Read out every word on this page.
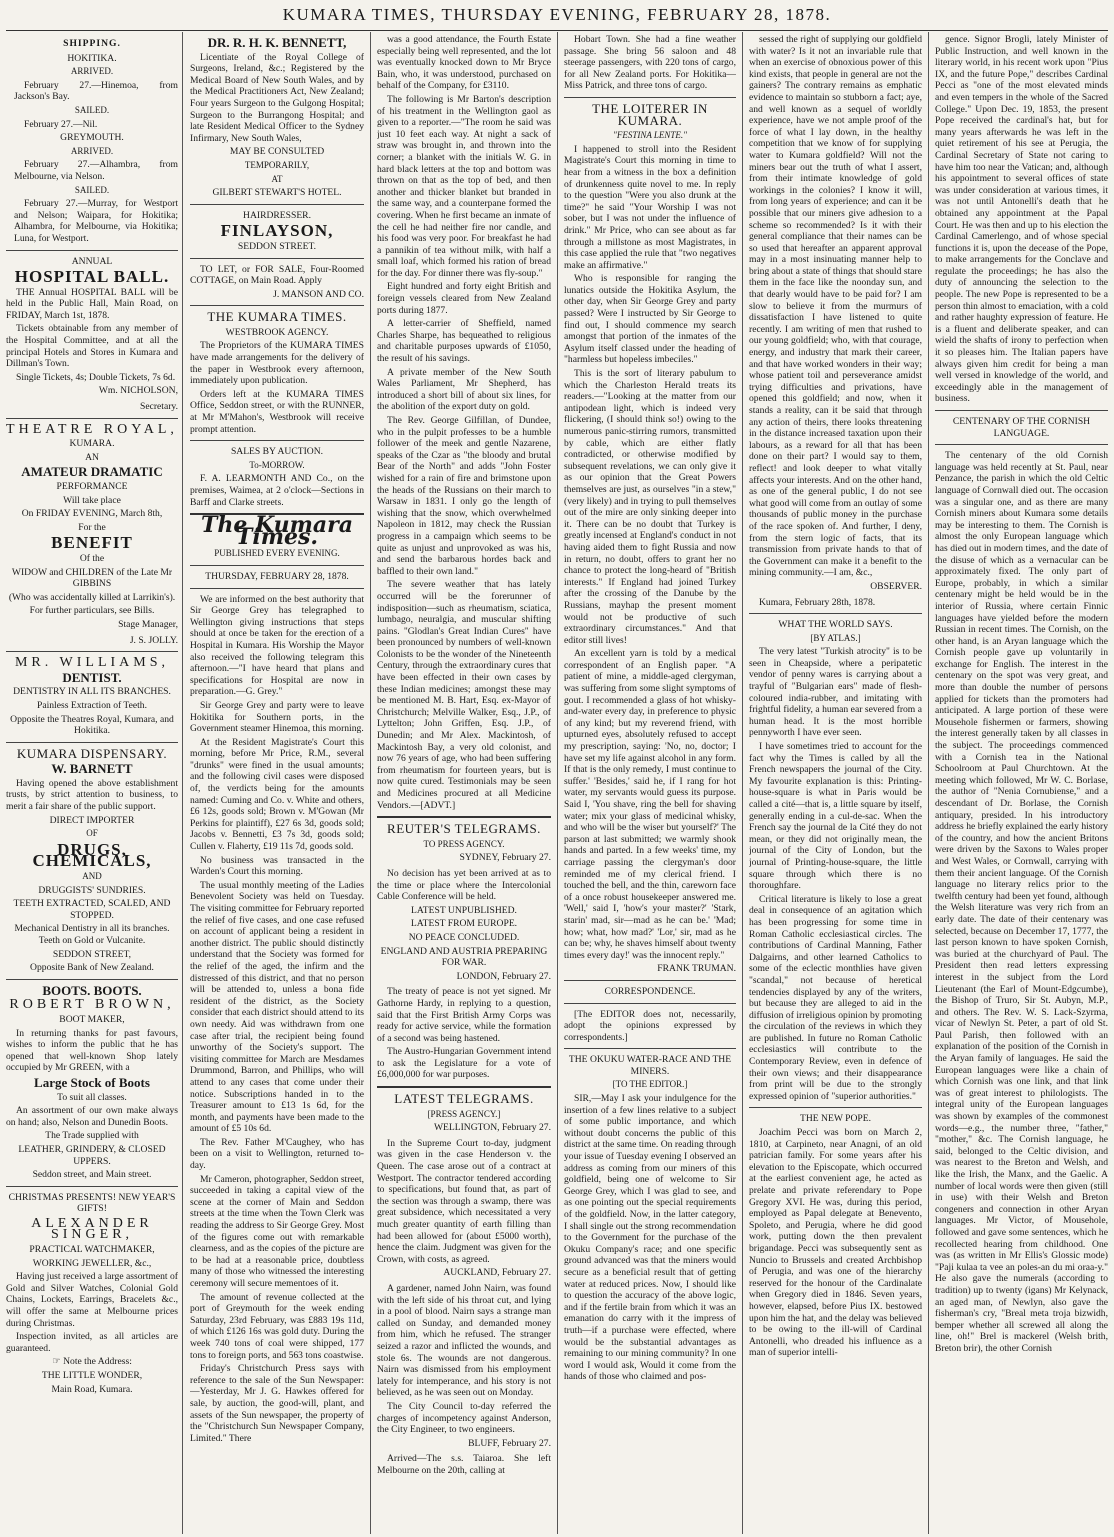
KUMARA TIMES, THURSDAY EVENING, FEBRUARY 28, 1878.
SHIPPING.
HOKITIKA.
ARRIVED.

February 27.—Hinemoa, from Jackson's Bay.

SAILED.

February 27.—Nil.

GREYMOUTH.
ARRIVED.

February 27.—Alhambra, from Melbourne, via Nelson.

SAILED.

February 27.—Murray, for Westport and Nelson; Waipara, for Hokitika; Alhambra, for Melbourne, via Hokitika; Luna, for Westport.

ANNUAL
HOSPITAL BALL.

THE Annual HOSPITAL BALL will be held in the Public Hall, Main Road, on FRIDAY, March 1st, 1878.

Tickets obtainable from any member of the Hospital Committee, and at all the principal Hotels and Stores in Kumara and Dillman's Town.

Single Tickets, 4s; Double Tickets, 7s 6d.

Wm. NICHOLSON,
Secretary.
THEATRE ROYAL,
KUMARA.
AN
AMATEUR DRAMATIC
PERFORMANCE
Will take place
On FRIDAY EVENING, March 8th,
For the
BENEFIT
Of the
WIDOW and CHILDREN of the Late Mr GIBBINS
(Who was accidentally killed at Larrikin's).
For further particulars, see Bills.
Stage Manager,
J. S. JOLLY.
MR. WILLIAMS,
DENTIST.
DENTISTRY IN ALL ITS BRANCHES.
Painless Extraction of Teeth.
Opposite the Theatres Royal, Kumara, and Hokitika.
KUMARA DISPENSARY.
W. BARNETT

Having opened the above establishment trusts, by strict attention to business, to merit a fair share of the public support.

DIRECT IMPORTER
OF
DRUGS, CHEMICALS,
AND
DRUGGISTS' SUNDRIES.
TEETH EXTRACTED, SCALED, AND STOPPED.
Mechanical Dentistry in all its branches. Teeth on Gold or Vulcanite.
SEDDON STREET,
Opposite Bank of New Zealand.
BOOTS. BOOTS.
ROBERT BROWN,
BOOT MAKER,

In returning thanks for past favours, wishes to inform the public that he has opened that well-known Shop lately occupied by Mr GREEN, with a

Large Stock of Boots
To suit all classes.

An assortment of our own make always on hand; also, Nelson and Dunedin Boots.

The Trade supplied with
LEATHER, GRINDERY, & CLOSED UPPERS.
Seddon street, and Main street.
CHRISTMAS PRESENTS! NEW YEAR'S GIFTS!
ALEXANDER SINGER,
PRACTICAL WATCHMAKER,
WORKING JEWELLER, &c.,

Having just received a large assortment of Gold and Silver Watches, Colonial Gold Chains, Lockets, Earrings, Bracelets &c., will offer the same at Melbourne prices during Christmas.

Inspection invited, as all articles are guaranteed.

☞ Note the Address:
THE LITTLE WONDER,
Main Road, Kumara.
DR. R. H. K. BENNETT,

Licentiate of the Royal College of Surgeons, Ireland, &c.; Registered by the Medical Board of New South Wales, and by the Medical Practitioners Act, New Zealand; Four years Surgeon to the Gulgong Hospital; Surgeon to the Burrangong Hospital; and late Resident Medical Officer to the Sydney Infirmary, New South Wales,

MAY BE CONSULTED
TEMPORARILY,
AT
GILBERT STEWART'S HOTEL.
HAIRDRESSER.
FINLAYSON,
SEDDON STREET.

TO LET, or FOR SALE, Four-Roomed COTTAGE, on Main Road. Apply

J. MANSON AND CO.
THE KUMARA TIMES.
WESTBROOK AGENCY.

The Proprietors of the KUMARA TIMES have made arrangements for the delivery of the paper in Westbrook every afternoon, immediately upon publication.

Orders left at the KUMARA TIMES Office, Seddon street, or with the RUNNER, at Mr M'Mahon's, Westbrook will receive prompt attention.

SALES BY AUCTION.
To-MORROW.

F. A. LEARMONTH AND Co., on the premises, Waimea, at 2 o'clock—Sections in Barff and Clarke streets.

The Kumara Times.
PUBLISHED EVERY EVENING.
THURSDAY, FEBRUARY 28, 1878.

We are informed on the best authority that Sir George Grey has telegraphed to Wellington giving instructions that steps should at once be taken for the erection of a Hospital in Kumara. His Worship the Mayor also received the following telegram this afternoon.—"I have heard that plans and specifications for Hospital are now in preparation.—G. Grey."

Sir George Grey and party were to leave Hokitika for Southern ports, in the Government steamer Hinemoa, this morning.

At the Resident Magistrate's Court this morning, before Mr Price, R.M., several "drunks" were fined in the usual amounts; and the following civil cases were disposed of, the verdicts being for the amounts named: Cuming and Co. v. White and others, £6 12s, goods sold; Brown v. M'Gowan (Mr Perkins for plaintiff), £27 6s 3d, goods sold; Jacobs v. Bennetti, £3 7s 3d, goods sold; Cullen v. Flaherty, £19 11s 7d, goods sold.

No business was transacted in the Warden's Court this morning.

The usual monthly meeting of the Ladies Benevolent Society was held on Tuesday. The visiting committee for February reported the relief of five cases, and one case refused on account of applicant being a resident in another district. The public should distinctly understand that the Society was formed for the relief of the aged, the infirm and the distressed of this district, and that no person will be attended to, unless a bona fide resident of the district, as the Society consider that each district should attend to its own needy. Aid was withdrawn from one case after trial, the recipient being found unworthy of the Society's support. The visiting committee for March are Mesdames Drummond, Barron, and Phillips, who will attend to any cases that come under their notice. Subscriptions handed in to the Treasurer amount to £13 1s 6d, for the month, and payments have been made to the amount of £5 10s 6d.

The Rev. Father M'Caughey, who has been on a visit to Wellington, returned to-day.

Mr Cameron, photographer, Seddon street, succeeded in taking a capital view of the scene at the corner of Main and Seddon streets at the time when the Town Clerk was reading the address to Sir George Grey. Most of the figures come out with remarkable clearness, and as the copies of the picture are to be had at a reasonable price, doubtless many of those who witnessed the interesting ceremony will secure mementoes of it.

The amount of revenue collected at the port of Greymouth for the week ending Saturday, 23rd February, was £883 19s 11d, of which £126 16s was gold duty. During the week 740 tons of coal were shipped, 177 tons to foreign ports, and 563 tons coastwise.

Friday's Christchurch Press says with reference to the sale of the Sun Newspaper:—Yesterday, Mr J. G. Hawkes offered for sale, by auction, the good-will, plant, and assets of the Sun newspaper, the property of the "Christchurch Sun Newspaper Company, Limited." There

was a good attendance, the Fourth Estate especially being well represented, and the lot was eventually knocked down to Mr Bryce Bain, who, it was understood, purchased on behalf of the Company, for £3110.

The following is Mr Barton's description of his treatment in the Wellington gaol as given to a reporter.—"The room he said was just 10 feet each way. At night a sack of straw was brought in, and thrown into the corner; a blanket with the initials W. G. in hard black letters at the top and bottom was thrown on that as the top of bed, and then another and thicker blanket but branded in the same way, and a counterpane formed the covering. When he first became an inmate of the cell he had neither fire nor candle, and his food was very poor. For breakfast he had a pannikin of tea without milk, with half a small loaf, which formed his ration of bread for the day. For dinner there was fly-soup."

Eight hundred and forty eight British and foreign vessels cleared from New Zealand ports during 1877.

A letter-carrier of Sheffield, named Charles Sharpe, has bequeathed to religious and charitable purposes upwards of £1050, the result of his savings.

A private member of the New South Wales Parliament, Mr Shepherd, has introduced a short bill of about six lines, for the abolition of the export duty on gold.

The Rev. George Gilfillan, of Dundee, who in the pulpit professes to be a humble follower of the meek and gentle Nazarene, speaks of the Czar as "the bloody and brutal Bear of the North" and adds "John Foster wished for a rain of fire and brimstone upon the heads of the Russians on their march to Warsaw in 1831. I only go the length of wishing that the snow, which overwhelmed Napoleon in 1812, may check the Russian progress in a campaign which seems to be quite as unjust and unprovoked as was his, and send the barbarous hordes back and baffled to their own land."

The severe weather that has lately occurred will be the forerunner of indisposition—such as rheumatism, sciatica, lumbago, neuralgia, and muscular shifting pains. "Glodlan's Great Indian Cures" have been pronounced by numbers of well-known Colonists to be the wonder of the Nineteenth Century, through the extraordinary cures that have been effected in their own cases by these Indian medicines; amongst these may be mentioned M. B. Hart, Esq. ex-Mayor of Christchurch; Melville Walker, Esq., J.P., of Lyttelton; John Griffen, Esq. J.P., of Dunedin; and Mr Alex. Mackintosh, of Mackintosh Bay, a very old colonist, and now 76 years of age, who had been suffering from rheumatism for fourteen years, but is now quite cured. Testimonials may be seen and Medicines procured at all Medicine Vendors.—[ADVT.]

REUTER'S TELEGRAMS.
TO PRESS AGENCY.
SYDNEY, February 27.

No decision has yet been arrived at as to the time or place where the Intercolonial Cable Conference will be held.

LATEST UNPUBLISHED.
LATEST FROM EUROPE.
NO PEACE CONCLUDED.
ENGLAND AND AUSTRIA PREPARING FOR WAR.
LONDON, February 27.

The treaty of peace is not yet signed. Mr Gathorne Hardy, in replying to a question, said that the First British Army Corps was ready for active service, while the formation of a second was being hastened.

The Austro-Hungarian Government intend to ask the Legislature for a vote of £6,000,000 for war purposes.

LATEST TELEGRAMS.
[PRESS AGENCY.]
WELLINGTON, February 27.

In the Supreme Court to-day, judgment was given in the case Henderson v. the Queen. The case arose out of a contract at Westport. The contractor tendered according to specifications, but found that, as part of the section was through a swamp, there was great subsidence, which necessitated a very much greater quantity of earth filling than had been allowed for (about £5000 worth), hence the claim. Judgment was given for the Crown, with costs, as agreed.

AUCKLAND, February 27.

A gardener, named John Nairn, was found with the left side of his throat cut, and lying in a pool of blood. Nairn says a strange man called on Sunday, and demanded money from him, which he refused. The stranger seized a razor and inflicted the wounds, and stole 6s. The wounds are not dangerous. Nairn was dismissed from his employment lately for intemperance, and his story is not believed, as he was seen out on Monday.

The City Council to-day referred the charges of incompetency against Anderson, the City Engineer, to two engineers.

BLUFF, February 27.

Arrived—The s.s. Taiaroa. She left Melbourne on the 20th, calling at

Hobart Town. She had a fine weather passage. She bring 56 saloon and 48 steerage passengers, with 220 tons of cargo, for all New Zealand ports. For Hokitika—Miss Patrick, and three tons of cargo.

THE LOITERER IN KUMARA.
"FESTINA LENTE."

I happened to stroll into the Resident Magistrate's Court this morning in time to hear from a witness in the box a definition of drunkenness quite novel to me. In reply to the question "Were you also drunk at the time?" he said "Your Worship I was not sober, but I was not under the influence of drink." Mr Price, who can see about as far through a millstone as most Magistrates, in this case applied the rule that "two negatives make an affirmative."

Who is responsible for ranging the lunatics outside the Hokitika Asylum, the other day, when Sir George Grey and party passed? Were I instructed by Sir George to find out, I should commence my search amongst that portion of the inmates of the Asylum itself classed under the heading of "harmless but hopeless imbeciles."

This is the sort of literary pabulum to which the Charleston Herald treats its readers.—"Looking at the matter from our antipodean light, which is indeed very flickering, (I should think so!) owing to the numerous panic-stirring rumors, transmitted by cable, which are either flatly contradicted, or otherwise modified by subsequent revelations, we can only give it as our opinion that the Great Powers themselves are just, as ourselves "in a stew," (very likely) and in trying to pull themselves out of the mire are only sinking deeper into it. There can be no doubt that Turkey is greatly incensed at England's conduct in not having aided them to fight Russia and now in return, no doubt, offers to grant her no chance to protect the long-heard of "British interests." If England had joined Turkey after the crossing of the Danube by the Russians, mayhap the present moment would not be productive of such extraordinary circumstances." And that editor still lives!

An excellent yarn is told by a medical correspondent of an English paper. "A patient of mine, a middle-aged clergyman, was suffering from some slight symptoms of gout. I recommended a glass of hot whisky-and-water every day, in preference to physic of any kind; but my reverend friend, with upturned eyes, absolutely refused to accept my prescription, saying: 'No, no, doctor; I have set my life against alcohol in any form. If that is the only remedy, I must continue to suffer.' 'Besides,' said he, if I rang for hot water, my servants would guess its purpose. Said I, 'You shave, ring the bell for shaving water; mix your glass of medicinal whisky, and who will be the wiser but yourself?' The parson at last submitted; we warmly shook hands and parted. In a few weeks' time, my carriage passing the clergyman's door reminded me of my clerical friend. I touched the bell, and the thin, careworn face of a once robust housekeeper answered me. 'Well,' said I, 'how's your master?' 'Stark, starin' mad, sir—mad as he can be.' 'Mad; how; what, how mad?' 'Lor,' sir, mad as he can be; why, he shaves himself about twenty times every day!' was the innocent reply."

FRANK TRUMAN.
CORRESPONDENCE.

[The EDITOR does not, necessarily, adopt the opinions expressed by correspondents.]

THE OKUKU WATER-RACE AND THE MINERS.
[TO THE EDITOR.]

SIR,—May I ask your indulgence for the insertion of a few lines relative to a subject of some public importance, and which without doubt concerns the public of this district at the same time. On reading through your issue of Tuesday evening I observed an address as coming from our miners of this goldfield, being one of welcome to Sir George Grey, which I was glad to see, and as one pointing out the special requirements of the goldfield. Now, in the latter category, I shall single out the strong recommendation to the Government for the purchase of the Okuku Company's race; and one specific ground advanced was that the miners would secure as a beneficial result that of getting water at reduced prices. Now, I should like to question the accuracy of the above logic, and if the fertile brain from which it was an emanation do carry with it the impress of truth—if a purchase were effected, where would be the substantial advantages as remaining to our mining community? In one word I would ask, Would it come from the hands of those who claimed and pos-

sessed the right of supplying our goldfield with water? Is it not an invariable rule that when an exercise of obnoxious power of this kind exists, that people in general are not the gainers? The contrary remains as emphatic evidence to maintain so stubborn a fact; aye, and well known as a sequel of worldly experience, have we not ample proof of the force of what I lay down, in the healthy competition that we know of for supplying water to Kumara goldfield? Will not the miners bear out the truth of what I assert, from their intimate knowledge of gold workings in the colonies? I know it will, from long years of experience; and can it be possible that our miners give adhesion to a scheme so recommended? Is it with their general compliance that their names can be so used that hereafter an apparent approval may in a most insinuating manner help to bring about a state of things that should stare them in the face like the noonday sun, and that dearly would have to be paid for? I am slow to believe it from the murmurs of dissatisfaction I have listened to quite recently. I am writing of men that rushed to our young goldfield; who, with that courage, energy, and industry that mark their career, and that have worked wonders in their way; whose patient toil and perseverance amidst trying difficulties and privations, have opened this goldfield; and now, when it stands a reality, can it be said that through any action of theirs, there looks threatening in the distance increased taxation upon their labours, as a reward for all that has been done on their part? I would say to them, reflect! and look deeper to what vitally affects your interests. And on the other hand, as one of the general public, I do not see what good will come from an outlay of some thousands of public money in the purchase of the race spoken of. And further, I deny, from the stern logic of facts, that its transmission from private hands to that of the Government can make it a benefit to the mining community.—I am, &c.,

OBSERVER.

Kumara, February 28th, 1878.

WHAT THE WORLD SAYS.
[BY ATLAS.]

The very latest "Turkish atrocity" is to be seen in Cheapside, where a peripatetic vendor of penny wares is carrying about a trayful of "Bulgarian ears" made of flesh-coloured india-rubber, and imitating with frightful fidelity, a human ear severed from a human head. It is the most horrible pennyworth I have ever seen.

I have sometimes tried to account for the fact why the Times is called by all the French newspapers the journal of the City. My favourite explanation is this: Printing-house-square is what in Paris would be called a cité—that is, a little square by itself, generally ending in a cul-de-sac. When the French say the journal de la Cité they do not mean, or they did not originally mean, the journal of the City of London, but the journal of Printing-house-square, the little square through which there is no thoroughfare.

Critical literature is likely to lose a great deal in consequence of an agitation which has been progressing for some time in Roman Catholic ecclesiastical circles. The contributions of Cardinal Manning, Father Dalgairns, and other learned Catholics to some of the eclectic monthlies have given "scandal," not because of heretical tendencies displayed by any of the writers, but because they are alleged to aid in the diffusion of irreligious opinion by promoting the circulation of the reviews in which they are published. In future no Roman Catholic ecclesiastics will contribute to the Contemporary Review, even in defence of their own views; and their disappearance from print will be due to the strongly expressed opinion of "superior authorities."

THE NEW POPE.

Joachim Pecci was born on March 2, 1810, at Carpineto, near Anagni, of an old patrician family. For some years after his elevation to the Episcopate, which occurred at the earliest convenient age, he acted as prelate and private referendary to Pope Gregory XVI. He was, during this period, employed as Papal delegate at Benevento, Spoleto, and Perugia, where he did good work, putting down the then prevalent brigandage. Pecci was subsequently sent as Nuncio to Brussels and created Archbishop of Perugia, and was one of the hierarchy reserved for the honour of the Cardinalate when Gregory died in 1846. Seven years, however, elapsed, before Pius IX. bestowed upon him the hat, and the delay was believed to be owing to the ill-will of Cardinal Antonelli, who dreaded his influence as a man of superior intelli-

gence. Signor Brogli, lately Minister of Public Instruction, and well known in the literary world, in his recent work upon "Pius IX, and the future Pope," describes Cardinal Pecci as "one of the most elevated minds and even tempers in the whole of the Sacred College." Upon Dec. 19, 1853, the present Pope received the cardinal's hat, but for many years afterwards he was left in the quiet retirement of his see at Perugia, the Cardinal Secretary of State not caring to have him too near the Vatican; and, although his appointment to several offices of state was under consideration at various times, it was not until Antonelli's death that he obtained any appointment at the Papal Court. He was then and up to his election the Cardinal Camerlengo, and of whose special functions it is, upon the decease of the Pope, to make arrangements for the Conclave and regulate the proceedings; he has also the duty of announcing the selection to the people. The new Pope is represented to be a person thin almost to emaciation, with a cold and rather haughty expression of feature. He is a fluent and deliberate speaker, and can wield the shafts of irony to perfection when it so pleases him. The Italian papers have always given him credit for being a man well versed in knowledge of the world, and exceedingly able in the management of business.

CENTENARY OF THE CORNISH LANGUAGE.

The centenary of the old Cornish language was held recently at St. Paul, near Penzance, the parish in which the old Celtic language of Cornwall died out. The occasion was a singular one, and as there are many Cornish miners about Kumara some details may be interesting to them. The Cornish is almost the only European language which has died out in modern times, and the date of the disuse of which as a vernacular can be approximately fixed. The only part of Europe, probably, in which a similar centenary might be held would be in the interior of Russia, where certain Finnic languages have yielded before the modern Russian in recent times. The Cornish, on the other hand, is an Aryan language which the Cornish people gave up voluntarily in exchange for English. The interest in the centenary on the spot was very great, and more than double the number of persons applied for tickets than the promoters had anticipated. A large portion of these were Mousehole fishermen or farmers, showing the interest generally taken by all classes in the subject. The proceedings commenced with a Cornish tea in the National Schoolroom at Paul Churchtown. At the meeting which followed, Mr W. C. Borlase, the author of "Nenia Cornubiense," and a descendant of Dr. Borlase, the Cornish antiquary, presided. In his introductory address he briefly explained the early history of the country, and how the ancient Britons were driven by the Saxons to Wales proper and West Wales, or Cornwall, carrying with them their ancient language. Of the Cornish language no literary relics prior to the twelfth century had been yet found, although the Welsh literature was very rich from an early date. The date of their centenary was selected, because on December 17, 1777, the last person known to have spoken Cornish, was buried at the churchyard of Paul. The President then read letters expressing interest in the subject from the Lord Lieutenant (the Earl of Mount-Edgcumbe), the Bishop of Truro, Sir St. Aubyn, M.P., and others. The Rev. W. S. Lack-Szyrma, vicar of Newlyn St. Peter, a part of old St. Paul Parish, then followed with an explanation of the position of the Cornish in the Aryan family of languages. He said the European languages were like a chain of which Cornish was one link, and that link was of great interest to philologists. The integral unity of the European languages was shown by examples of the commonest words—e.g., the number three, "father," "mother," &c. The Cornish language, he said, belonged to the Celtic division, and was nearest to the Breton and Welsh, and like the Irish, the Manx, and the Gaelic. A number of local words were then given (still in use) with their Welsh and Breton congeners and connection in other Aryan languages. Mr Victor, of Mousehole, followed and gave some sentences, which he recollected hearing from childhood. One was (as written in Mr Ellis's Glossic mode) "Paji kulaa ta vee an poles-an du mi oraa-y." He also gave the numerals (according to tradition) up to twenty (igans) Mr Kelynack, an aged man, of Newlyn, also gave the fisherman's cry, "Breal meta troja bizwidh, bemper whether all screwed all along the line, oh!" Brel is mackerel (Welsh brith, Breton brir), the other Cornish
